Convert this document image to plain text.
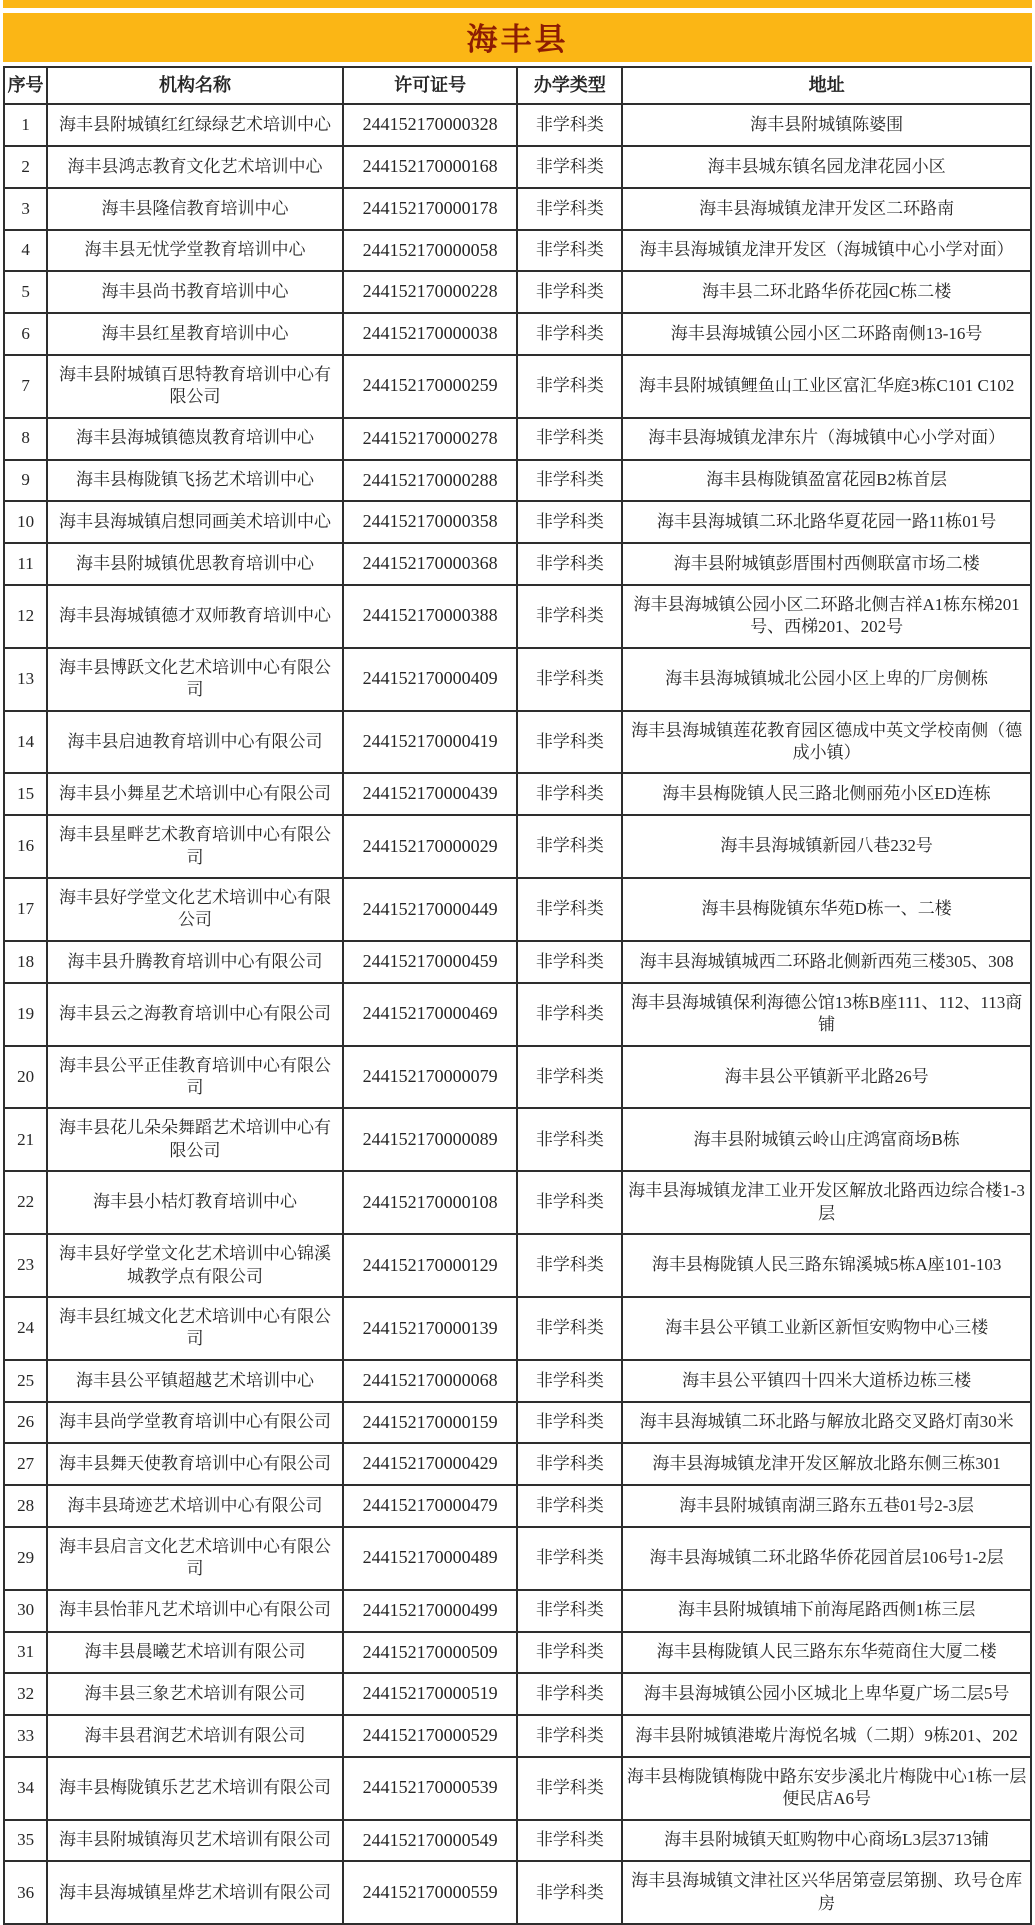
海丰县
序号	机构名称	许可证号	办学类型	地址
1	海丰县附城镇红红绿绿艺术培训中心	244152170000328	非学科类	海丰县附城镇陈婆围
2	海丰县鸿志教育文化艺术培训中心	244152170000168	非学科类	海丰县城东镇名园龙津花园小区
3	海丰县隆信教育培训中心	244152170000178	非学科类	海丰县海城镇龙津开发区二环路南
4	海丰县无忧学堂教育培训中心	244152170000058	非学科类	海丰县海城镇龙津开发区（海城镇中心小学对面）
5	海丰县尚书教育培训中心	244152170000228	非学科类	海丰县二环北路华侨花园C栋二楼
6	海丰县红星教育培训中心	244152170000038	非学科类	海丰县海城镇公园小区二环路南侧13-16号
7	海丰县附城镇百思特教育培训中心有限公司	244152170000259	非学科类	海丰县附城镇鲤鱼山工业区富汇华庭3栋C101 C102
8	海丰县海城镇德岚教育培训中心	244152170000278	非学科类	海丰县海城镇龙津东片（海城镇中心小学对面）
9	海丰县梅陇镇飞扬艺术培训中心	244152170000288	非学科类	海丰县梅陇镇盈富花园B2栋首层
10	海丰县海城镇启想同画美术培训中心	244152170000358	非学科类	海丰县海城镇二环北路华夏花园一路11栋01号
11	海丰县附城镇优思教育培训中心	244152170000368	非学科类	海丰县附城镇彭厝围村西侧联富市场二楼
12	海丰县海城镇德才双师教育培训中心	244152170000388	非学科类	海丰县海城镇公园小区二环路北侧吉祥A1栋东梯201号、西梯201、202号
13	海丰县博跃文化艺术培训中心有限公司	244152170000409	非学科类	海丰县海城镇城北公园小区上卑的厂房侧栋
14	海丰县启迪教育培训中心有限公司	244152170000419	非学科类	海丰县海城镇莲花教育园区德成中英文学校南侧（德成小镇）
15	海丰县小舞星艺术培训中心有限公司	244152170000439	非学科类	海丰县梅陇镇人民三路北侧丽苑小区ED连栋
16	海丰县星畔艺术教育培训中心有限公司	244152170000029	非学科类	海丰县海城镇新园八巷232号
17	海丰县好学堂文化艺术培训中心有限公司	244152170000449	非学科类	海丰县梅陇镇东华苑D栋一、二楼
18	海丰县升腾教育培训中心有限公司	244152170000459	非学科类	海丰县海城镇城西二环路北侧新西苑三楼305、308
19	海丰县云之海教育培训中心有限公司	244152170000469	非学科类	海丰县海城镇保利海德公馆13栋B座111、112、113商铺
20	海丰县公平正佳教育培训中心有限公司	244152170000079	非学科类	海丰县公平镇新平北路26号
21	海丰县花儿朵朵舞蹈艺术培训中心有限公司	244152170000089	非学科类	海丰县附城镇云岭山庄鸿富商场B栋
22	海丰县小桔灯教育培训中心	244152170000108	非学科类	海丰县海城镇龙津工业开发区解放北路西边综合楼1-3层
23	海丰县好学堂文化艺术培训中心锦溪城教学点有限公司	244152170000129	非学科类	海丰县梅陇镇人民三路东锦溪城5栋A座101-103
24	海丰县红城文化艺术培训中心有限公司	244152170000139	非学科类	海丰县公平镇工业新区新恒安购物中心三楼
25	海丰县公平镇超越艺术培训中心	244152170000068	非学科类	海丰县公平镇四十四米大道桥边栋三楼
26	海丰县尚学堂教育培训中心有限公司	244152170000159	非学科类	海丰县海城镇二环北路与解放北路交叉路灯南30米
27	海丰县舞天使教育培训中心有限公司	244152170000429	非学科类	海丰县海城镇龙津开发区解放北路东侧三栋301
28	海丰县琦迹艺术培训中心有限公司	244152170000479	非学科类	海丰县附城镇南湖三路东五巷01号2-3层
29	海丰县启言文化艺术培训中心有限公司	244152170000489	非学科类	海丰县海城镇二环北路华侨花园首层106号1-2层
30	海丰县怡菲凡艺术培训中心有限公司	244152170000499	非学科类	海丰县附城镇埔下前海尾路西侧1栋三层
31	海丰县晨曦艺术培训有限公司	244152170000509	非学科类	海丰县梅陇镇人民三路东东华菀商住大厦二楼
32	海丰县三象艺术培训有限公司	244152170000519	非学科类	海丰县海城镇公园小区城北上卑华夏广场二层5号
33	海丰县君润艺术培训有限公司	244152170000529	非学科类	海丰县附城镇港墘片海悦名城（二期）9栋201、202
34	海丰县梅陇镇乐艺艺术培训有限公司	244152170000539	非学科类	海丰县梅陇镇梅陇中路东安步溪北片梅陇中心1栋一层便民店A6号
35	海丰县附城镇海贝艺术培训有限公司	244152170000549	非学科类	海丰县附城镇天虹购物中心商场L3层3713铺
36	海丰县海城镇星烨艺术培训有限公司	244152170000559	非学科类	海丰县海城镇文津社区兴华居第壹层第捌、玖号仓库房
